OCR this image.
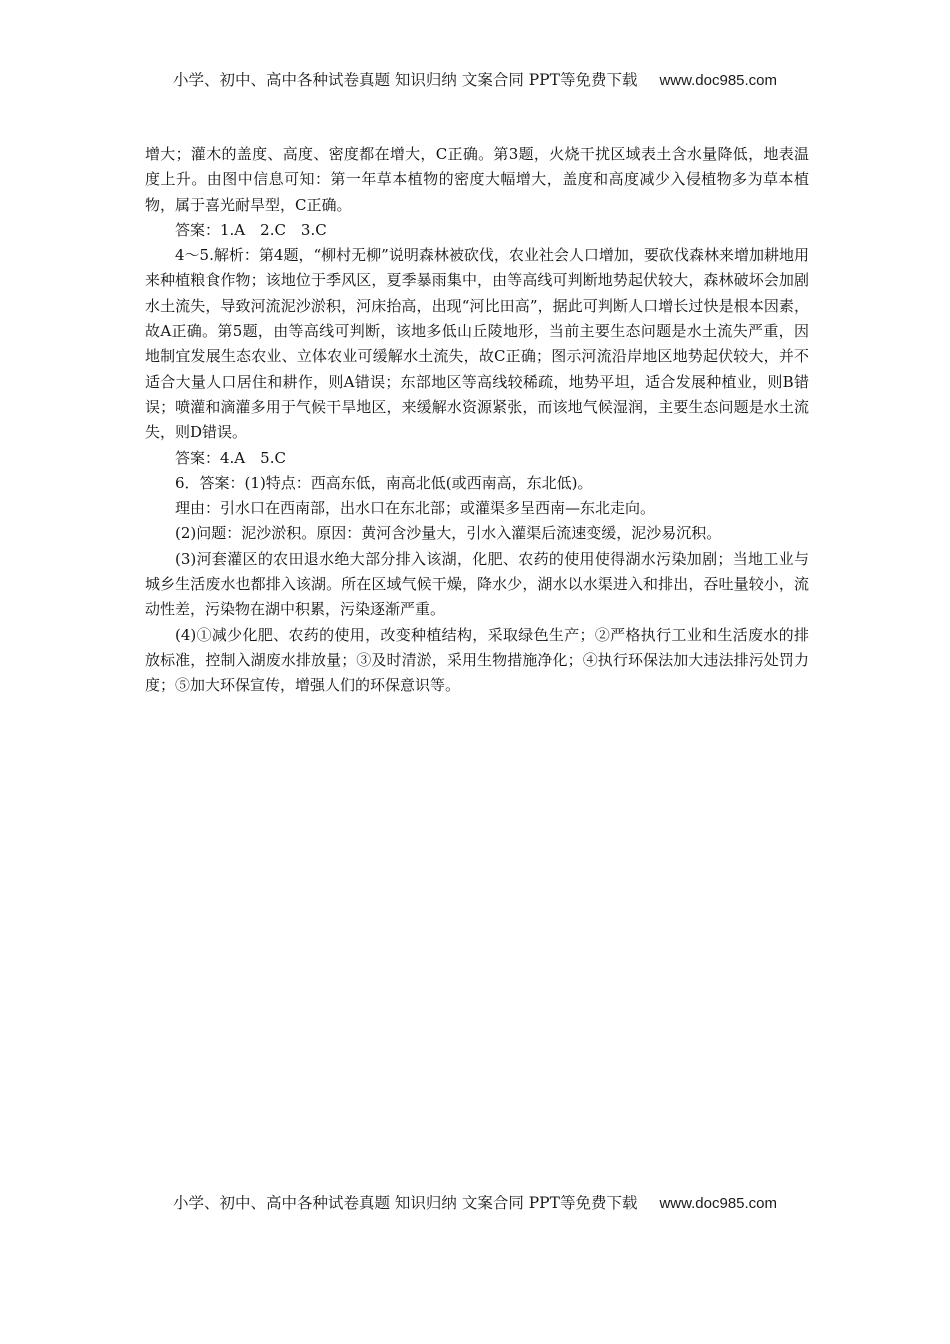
小学、初中、高中各种试卷真题 知识归纳 文案合同 PPT等免费下载 www.doc985.com

增大；灌木的盖度、高度、密度都在增大，C正确。第3题，火烧干扰区域表土含水量降低，地表温度上升。由图中信息可知：第一年草本植物的密度大幅增大，盖度和高度减少入侵植物多为草本植物，属于喜光耐旱型，C正确。

答案：1.A　2.C　3.C

4～5.解析：第4题，“柳村无柳”说明森林被砍伐，农业社会人口增加，要砍伐森林来增加耕地用来种植粮食作物；该地位于季风区，夏季暴雨集中，由等高线可判断地势起伏较大，森林破坏会加剧水土流失，导致河流泥沙淤积，河床抬高，出现“河比田高”，据此可判断人口增长过快是根本因素，故A正确。第5题，由等高线可判断，该地多低山丘陵地形，当前主要生态问题是水土流失严重，因地制宜发展生态农业、立体农业可缓解水土流失，故C正确；图示河流沿岸地区地势起伏较大，并不适合大量人口居住和耕作，则A错误；东部地区等高线较稀疏，地势平坦，适合发展种植业，则B错误；喷灌和滴灌多用于气候干旱地区，来缓解水资源紧张，而该地气候湿润，主要生态问题是水土流失，则D错误。

答案：4.A　5.C

6．答案：(1)特点：西高东低，南高北低(或西南高，东北低)。

理由：引水口在西南部，出水口在东北部；或灌渠多呈西南—东北走向。

(2)问题：泥沙淤积。原因：黄河含沙量大，引水入灌渠后流速变缓，泥沙易沉积。

(3)河套灌区的农田退水绝大部分排入该湖，化肥、农药的使用使得湖水污染加剧；当地工业与城乡生活废水也都排入该湖。所在区域气候干燥，降水少，湖水以水渠进入和排出，吞吐量较小，流动性差，污染物在湖中积累，污染逐渐严重。

(4)①减少化肥、农药的使用，改变种植结构，采取绿色生产；②严格执行工业和生活废水的排放标准，控制入湖废水排放量；③及时清淤，采用生物措施净化；④执行环保法加大违法排污处罚力度；⑤加大环保宣传，增强人们的环保意识等。

小学、初中、高中各种试卷真题 知识归纳 文案合同 PPT等免费下载 www.doc985.com
